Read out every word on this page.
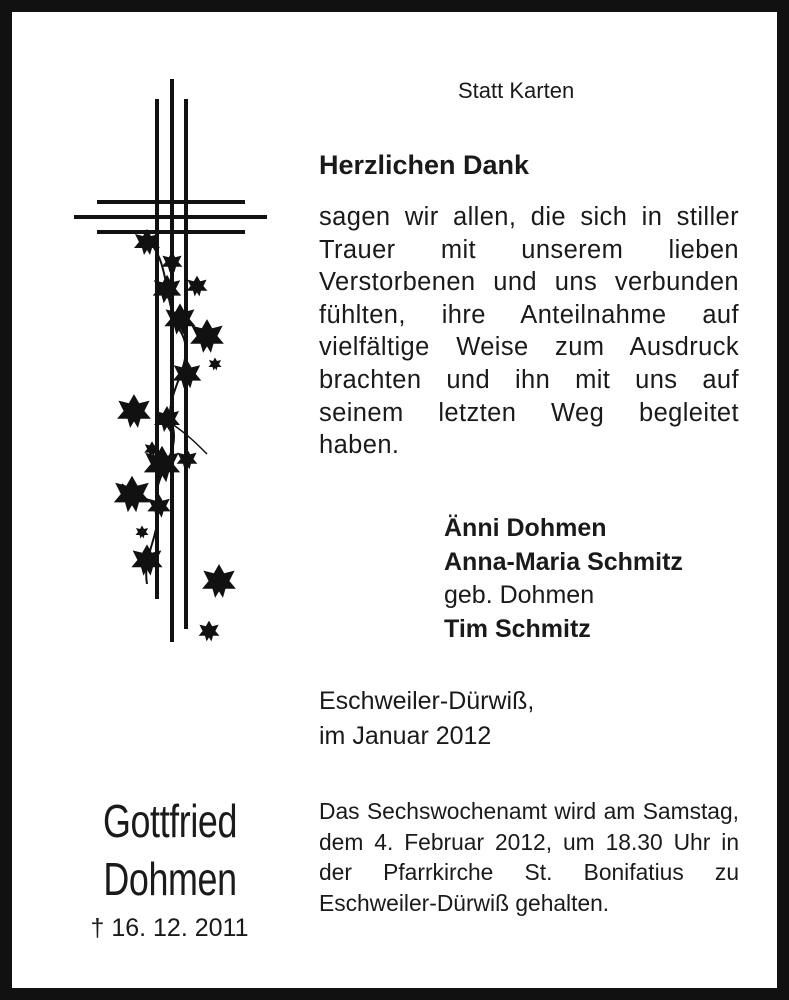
Statt Karten
Herzlichen Dank

sagen wir allen, die sich in stiller Trauer mit unserem lieben Verstorbenen und uns verbunden fühlten, ihre Anteilnahme auf vielfältige Weise zum Ausdruck brachten und ihn mit uns auf seinem letzten Weg begleitet haben.

Änni Dohmen
Anna-Maria Schmitz
geb. Dohmen
Tim Schmitz
Eschweiler-Dürwiß,
im Januar 2012
Gottfried
Dohmen
† 16. 12. 2011

Das Sechswochenamt wird am Samstag, dem 4. Februar 2012, um 18.30 Uhr in der Pfarrkirche St. Bonifatius zu Eschweiler-Dürwiß gehalten.
